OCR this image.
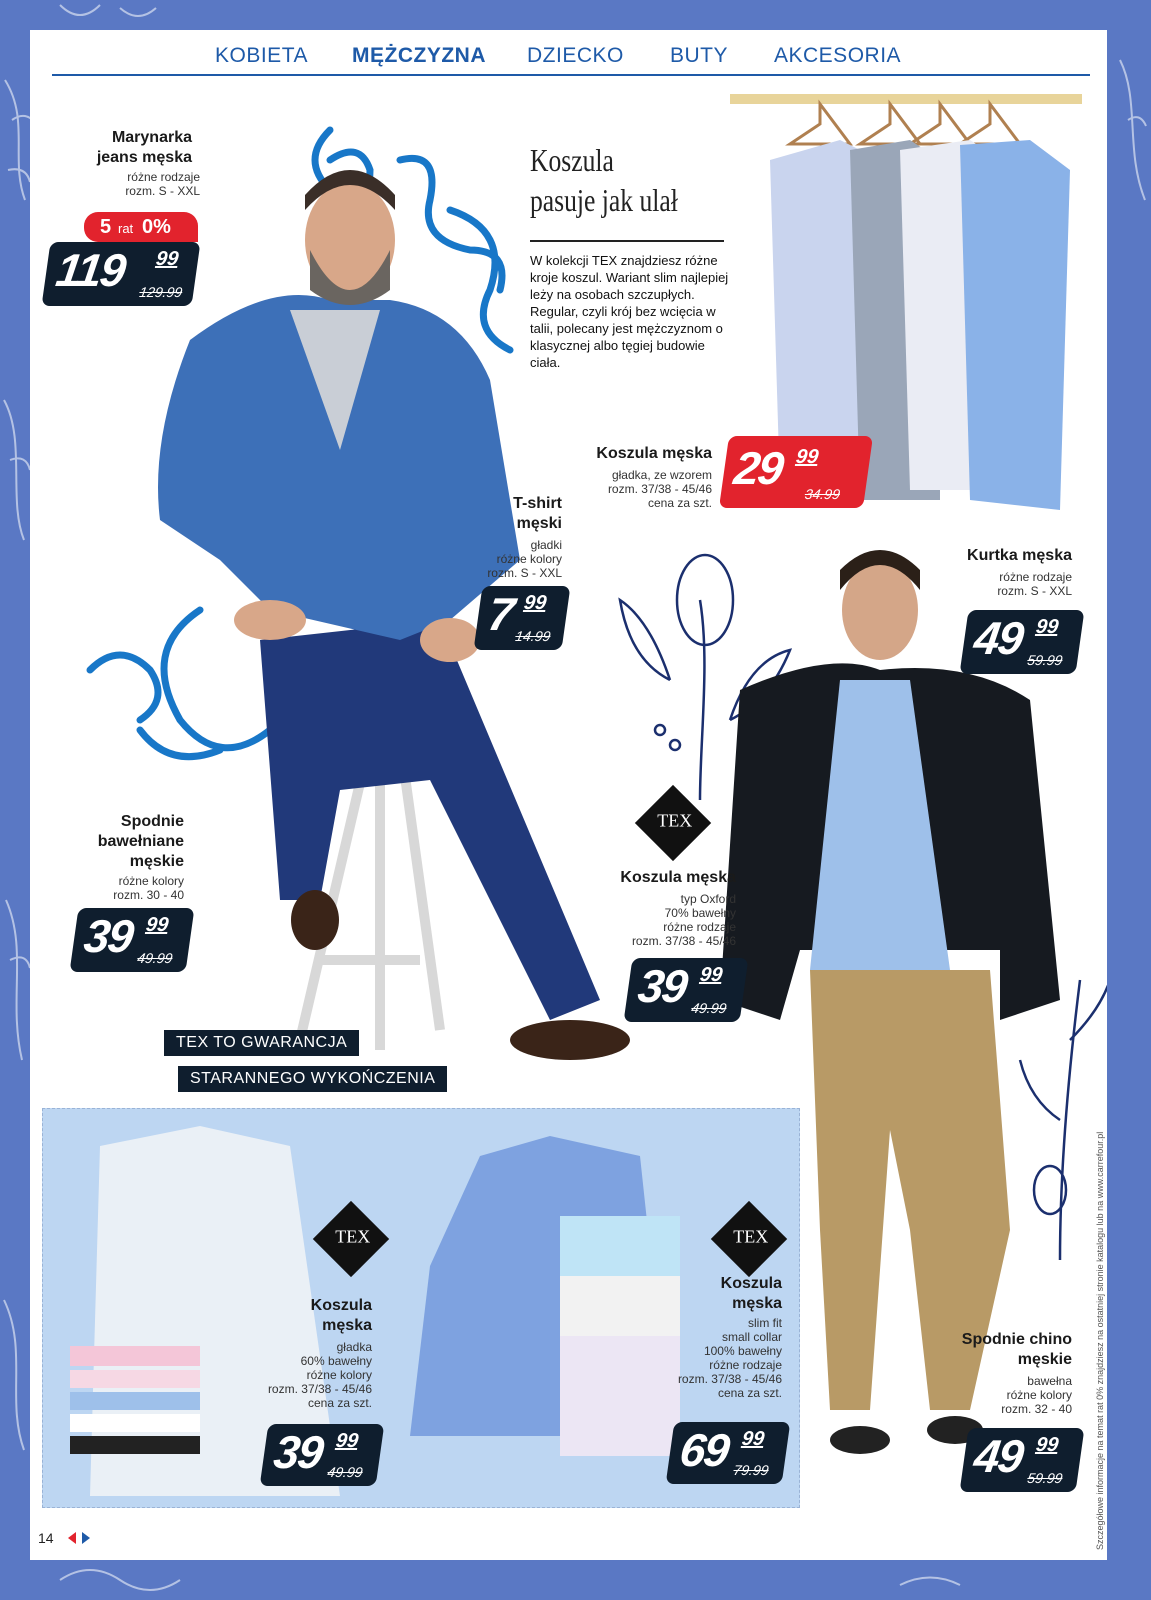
KOBIETA MĘŻCZYZNA DZIECKO BUTY AKCESORIA
Koszula
pasuje jak ulał
W kolekcji TEX znajdziesz różne kroje koszul. Wariant slim najlepiej leży na osobach szczupłych. Regular, czyli krój bez wcięcia w talii, polecany jest mężczyznom o klasycznej albo tęgiej budowie ciała.
Marynarka jeans męska
różne rodzaje
rozm. S - XXL
5 rat 0%
119 99
129.99
T-shirt męski
gładki
różne kolory
rozm. S - XXL
7 99
14.99
Koszula męska
gładka, ze wzorem
rozm. 37/38 - 45/46
cena za szt.
29 99
34.99
Kurtka męska
różne rodzaje
rozm. S - XXL
49 99
59.99
Spodnie bawełniane męskie
różne kolory
rozm. 30 - 40
39 99
49.99
TEX
Koszula męska
typ Oxford
70% bawełny
różne rodzaje
rozm. 37/38 - 45/46
39 99
49.99
TEX TO GWARANCJA
STARANNEGO WYKOŃCZENIA
TEX
Koszula męska
gładka
60% bawełny
różne kolory
rozm. 37/38 - 45/46
cena za szt.
39 99
49.99
TEX
Koszula męska
slim fit
small collar
100% bawełny
różne rodzaje
rozm. 37/38 - 45/46
cena za szt.
69 99
79.99
Spodnie chino męskie
bawełna
różne kolory
rozm. 32 - 40
49 99
59.99
14	Szczegółowe informacje na temat rat 0% znajdziesz na ostatniej stronie katalogu lub na www.carrefour.pl
